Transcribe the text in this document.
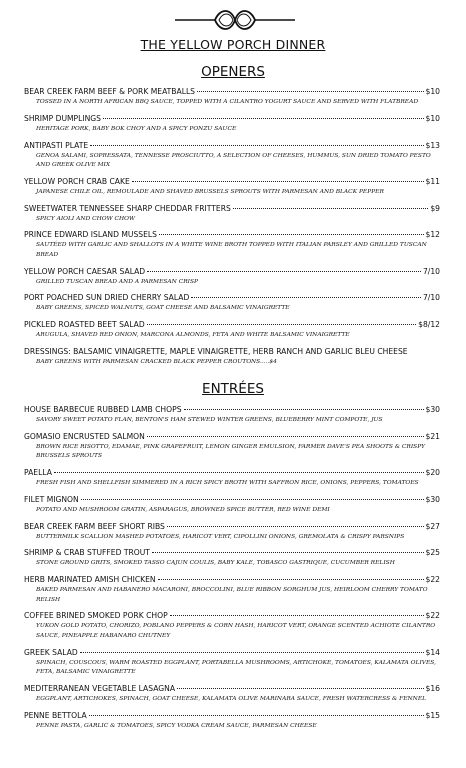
THE YELLOW PORCH DINNER
OPENERS
BEAR CREEK FARM BEEF & PORK MEATBALLS	$10
TOSSED IN A NORTH AFRICAN BBQ SAUCE, TOPPED WITH A CILANTRO YOGURT SAUCE AND SERVED WITH FLATBREAD
SHRIMP DUMPLINGS	$10
HERITAGE PORK, BABY BOK CHOY AND A SPICY PONZU SAUCE
ANTIPASTI PLATE	$13
GENOA SALAMI, SOPRESSATA, TENNESSE PROSCIUTTO, A SELECTION OF CHEESES, HUMMUS, SUN DRIED TOMATO PESTO AND GREEK OLIVE MIX
YELLOW PORCH CRAB CAKE	$11
JAPANESE CHILE OIL, REMOULADE AND SHAVED BRUSSELS SPROUTS WITH PARMESAN AND BLACK PEPPER
SWEETWATER TENNESSEE SHARP CHEDDAR FRITTERS	$9
SPICY AIOLI AND CHOW CHOW
PRINCE EDWARD ISLAND MUSSELS	$12
SAUTÉED WITH GARLIC AND SHALLOTS IN A WHITE WINE BROTH TOPPED WITH ITALIAN PARSLEY AND GRILLED TUSCAN BREAD
YELLOW PORCH CAESAR SALAD	7/10
GRILLED TUSCAN BREAD AND A PARMESAN CRISP
PORT POACHED SUN DRIED CHERRY SALAD	7/10
BABY GREENS, SPICED WALNUTS, GOAT CHEESE AND BALSAMIC VINAIGRETTE
PICKLED ROASTED BEET SALAD	$8/12
ARUGULA, SHAVED RED ONION, MARCONA ALMONDS, FETA AND WHITE BALSAMIC VINAIGRETTE
DRESSINGS: BALSAMIC VINAIGRETTE, MAPLE VINAIGRETTE, HERB RANCH AND GARLIC BLEU CHEESE
BABY GREENS WITH PARMESAN CRACKED BLACK PEPPER CROUTONS.....$4
ENTRÉES
HOUSE BARBECUE RUBBED LAMB CHOPS	$30
SAVORY SWEET POTATO FLAN, BENTON'S HAM STEWED WINTER GREENS, BLUEBERRY MINT COMPOTE, JUS
GOMASIO ENCRUSTED SALMON	$21
BROWN RICE RISOTTO, EDAMAE, PINK GRAPEFRUIT, LEMON GINGER EMULSION, FARMER DAVE'S PEA SHOOTS & CRISPY BRUSSELS SPROUTS
PAELLA	$20
FRESH FISH AND SHELLFISH SIMMERED IN A RICH SPICY BROTH WITH SAFFRON RICE, ONIONS, PEPPERS, TOMATOES
FILET MIGNON	$30
POTATO AND MUSHROOM GRATIN, ASPARAGUS, BROWNED SPICE BUTTER, RED WINE DEMI
BEAR CREEK FARM BEEF SHORT RIBS	$27
BUTTERMILK SCALLION MASHED POTATOES, HARICOT VERT, CIPOLLINI ONIONS, GREMOLATA & CRISPY PARSNIPS
SHRIMP & CRAB STUFFED TROUT	$25
STONE GROUND GRITS, SMOKED TASSO CAJUN COULIS, BABY KALE, TOBASCO GASTRIQUE, CUCUMBER RELISH
HERB MARINATED AMISH CHICKEN	$22
BAKED PARMESAN AND HABANERO MACARONI, BROCCOLINI, BLUE RIBBON SORGHUM JUS, HEIRLOOM CHERRY TOMATO RELISH
COFFEE BRINED SMOKED PORK CHOP	$22
YUKON GOLD POTATO, CHORIZO, POBLANO PEPPERS & CORN HASH, HARICOT VERT, ORANGE SCENTED ACHIOTE CILANTRO SAUCE, PINEAPPLE HABANARO CHUTNEY
GREEK SALAD	$14
SPINACH, COUSCOUS, WARM ROASTED EGGPLANT, PORTABELLA MUSHROOMS, ARTICHOKE, TOMATOES, KALAMATA OLIVES, FETA, BALSAMIC VINAIGRETTE
MEDITERRANEAN VEGETABLE LASAGNA	$16
EGGPLANT, ARTICHOKES, SPINACH, GOAT CHEESE, KALAMATA OLIVE MARINARA SAUCE, FRESH WATERCRESS & FENNEL
PENNE BETTOLA	$15
PENNE PASTA, GARLIC & TOMATOES, SPICY VODKA CREAM SAUCE, PARMESAN CHEESE
